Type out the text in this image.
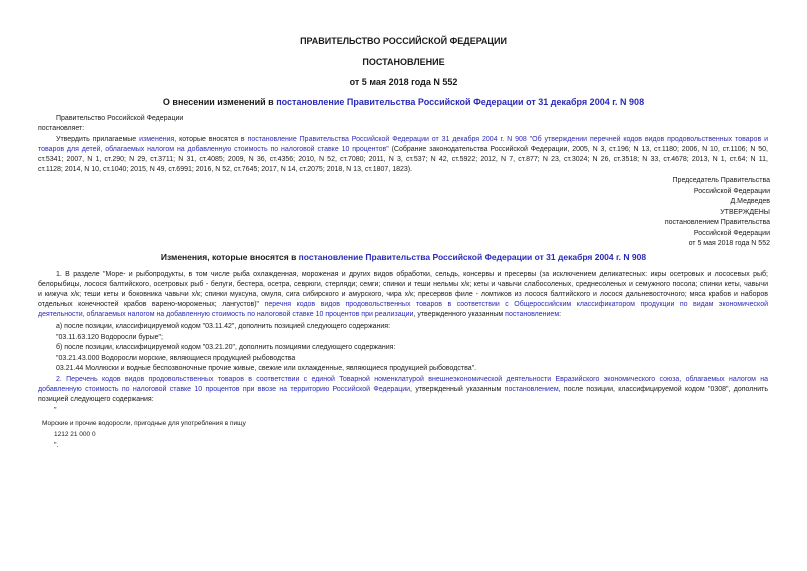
ПРАВИТЕЛЬСТВО РОССИЙСКОЙ ФЕДЕРАЦИИ
ПОСТАНОВЛЕНИЕ
от 5 мая 2018 года N 552
О внесении изменений в постановление Правительства Российской Федерации от 31 декабря 2004 г. N 908
Правительство Российской Федерации
постановляет:
Утвердить прилагаемые изменения, которые вносятся в постановление Правительства Российской Федерации от 31 декабря 2004 г. N 908 "Об утверждении перечней кодов видов продовольственных товаров и
товаров для детей, облагаемых налогом на добавленную стоимость по налоговой ставке 10 процентов" (Собрание законодательства Российской Федерации, 2005, N 3, ст.196; N 13, ст.1180; 2006, N 10, ст.1106; N 50,
ст.5341; 2007, N 1, ст.290; N 29, ст.3711; N 31, ст.4085; 2009, N 36, ст.4356; 2010, N 52, ст.7080; 2011, N 3, ст.537; N 42, ст.5922; 2012, N 7, ст.877; N 23, ст.3024; N 26, ст.3518; N 33, ст.4678; 2013, N 1, ст.64; N 11,
ст.1128; 2014, N 10, ст.1040; 2015, N 49, ст.6991; 2016, N 52, ст.7645; 2017, N 14, ст.2075; 2018, N 13, ст.1807, 1823).
Председатель Правительства
Российской Федерации
Д.Медведев
УТВЕРЖДЕНЫ
постановлением Правительства
Российской Федерации
от 5 мая 2018 года N 552
Изменения, которые вносятся в постановление Правительства Российской Федерации от 31 декабря 2004 г. N 908
1. В разделе "Море- и рыбопродукты, в том числе рыба охлажденная, мороженая и других видов обработки, сельдь, консервы и пресервы (за исключением деликатесных: икры осетровых и лососевых рыб;
белорыбицы, лосося балтийского, осетровых рыб - белуги, бестера, осетра, севрюги, стерляди; семги; спинки и теши нельмы х/к; кеты и чавычи слабосоленых, среднесоленых и семужного посола; спинки кеты, чавычи
и кижуча х/к; теши кеты и боковника чавычи х/к; спинки муксуна, омуля, сига сибирского и амурского, чира х/к; пресервов филе - ломтиков из лосося балтийского и лосося дальневосточного; мяса крабов и наборов
отдельных конечностей крабов варено-мороженых; лангустов)" перечня кодов видов продовольственных товаров в соответствии с Общероссийским классификатором продукции по видам экономической
деятельности, облагаемых налогом на добавленную стоимость по налоговой ставке 10 процентов при реализации, утвержденного указанным постановлением:
а) после позиции, классифицируемой кодом "03.11.42", дополнить позицией следующего содержания:
"03.11.63.120 Водоросли бурые";
б) после позиции, классифицируемой кодом "03.21.20", дополнить позициями следующего содержания:
"03.21.43.000 Водоросли морские, являющиеся продукцией рыбоводства
03.21.44 Моллюски и водные беспозвоночные прочие живые, свежие или охлажденные, являющиеся продукцией рыбоводства".
2. Перечень кодов видов продовольственных товаров в соответствии с единой Товарной номенклатурой внешнеэкономической деятельности Евразийского экономического союза, облагаемых налогом на
добавленную стоимость по налоговой ставке 10 процентов при ввозе на территорию Российской Федерации, утвержденный указанным постановлением, после позиции, классифицируемой кодом "0308", дополнить
позицией следующего содержания:
"
Морские и прочие водоросли, пригодные для употребления в пищу
1212 21 000 0
".
